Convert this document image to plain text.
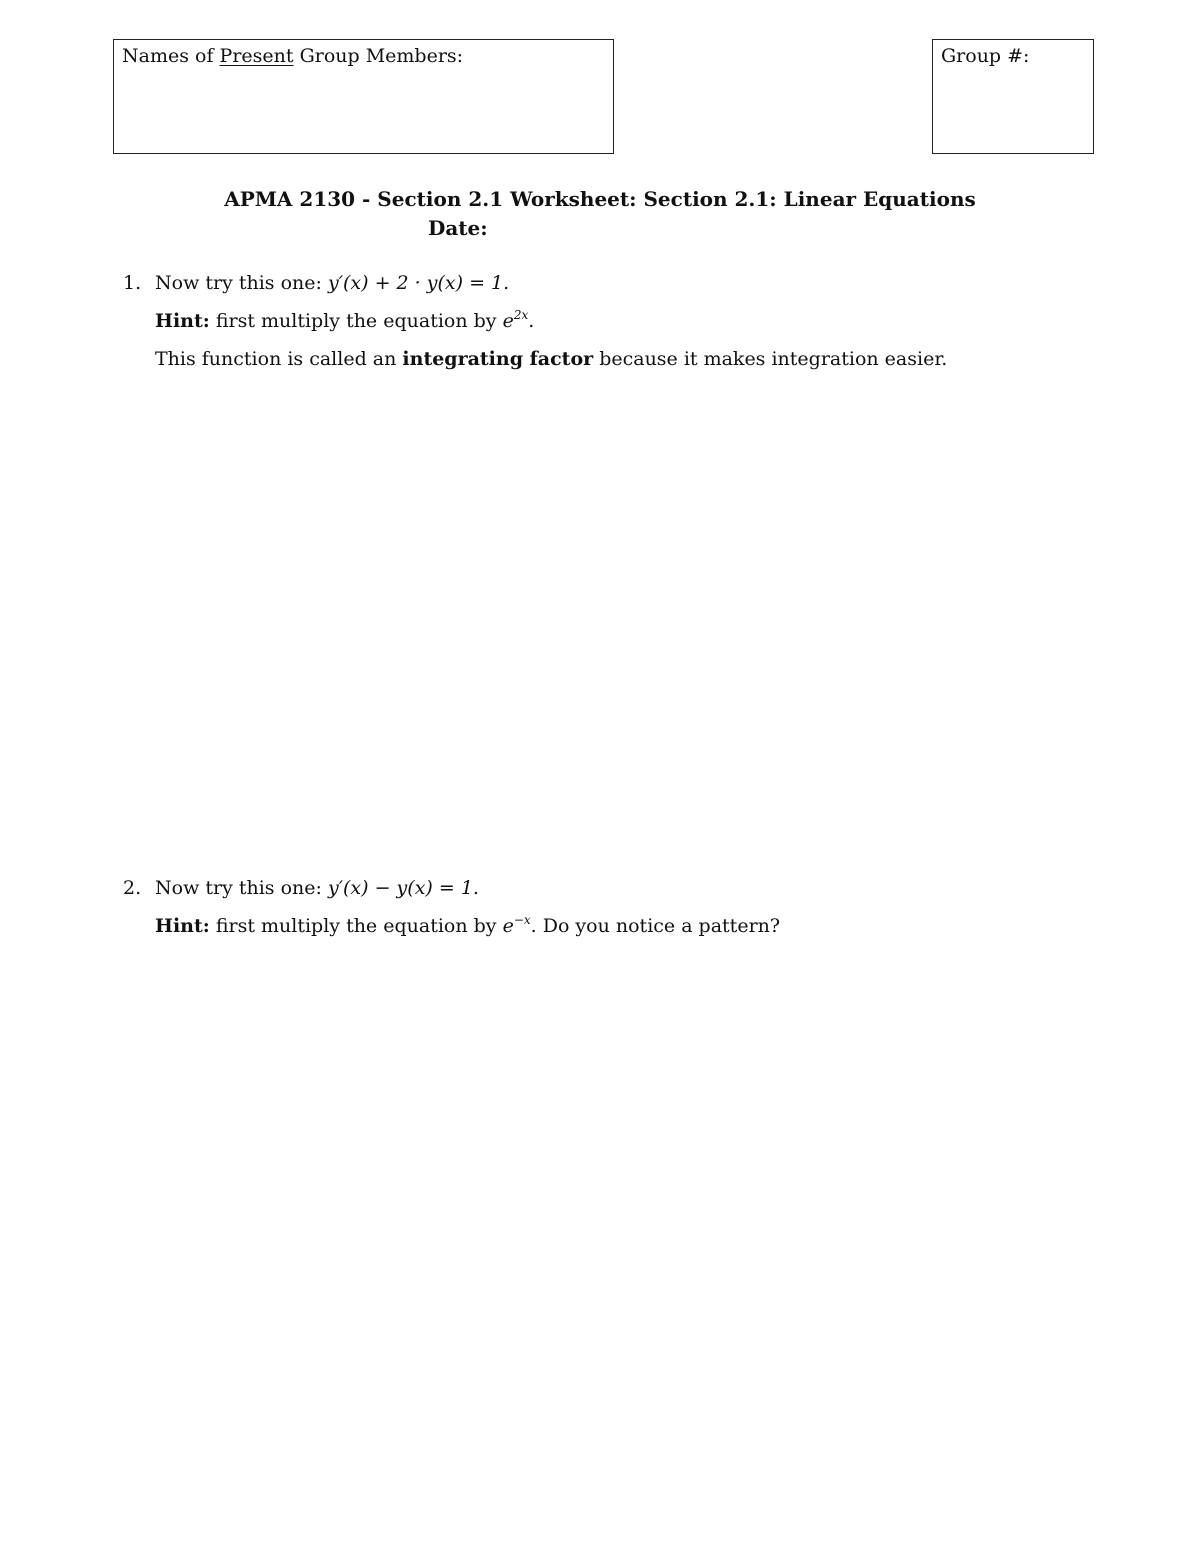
Names of Present Group Members:	Group #:
APMA 2130 - Section 2.1 Worksheet: Section 2.1: Linear Equations
Date:
1. Now try this one: y′(x) + 2 · y(x) = 1.
Hint: first multiply the equation by $e^{2x}$.
This function is called an integrating factor because it makes integration easier.
2. Now try this one: y′(x) − y(x) = 1.
Hint: first multiply the equation by $e^{-x}$. Do you notice a pattern?
